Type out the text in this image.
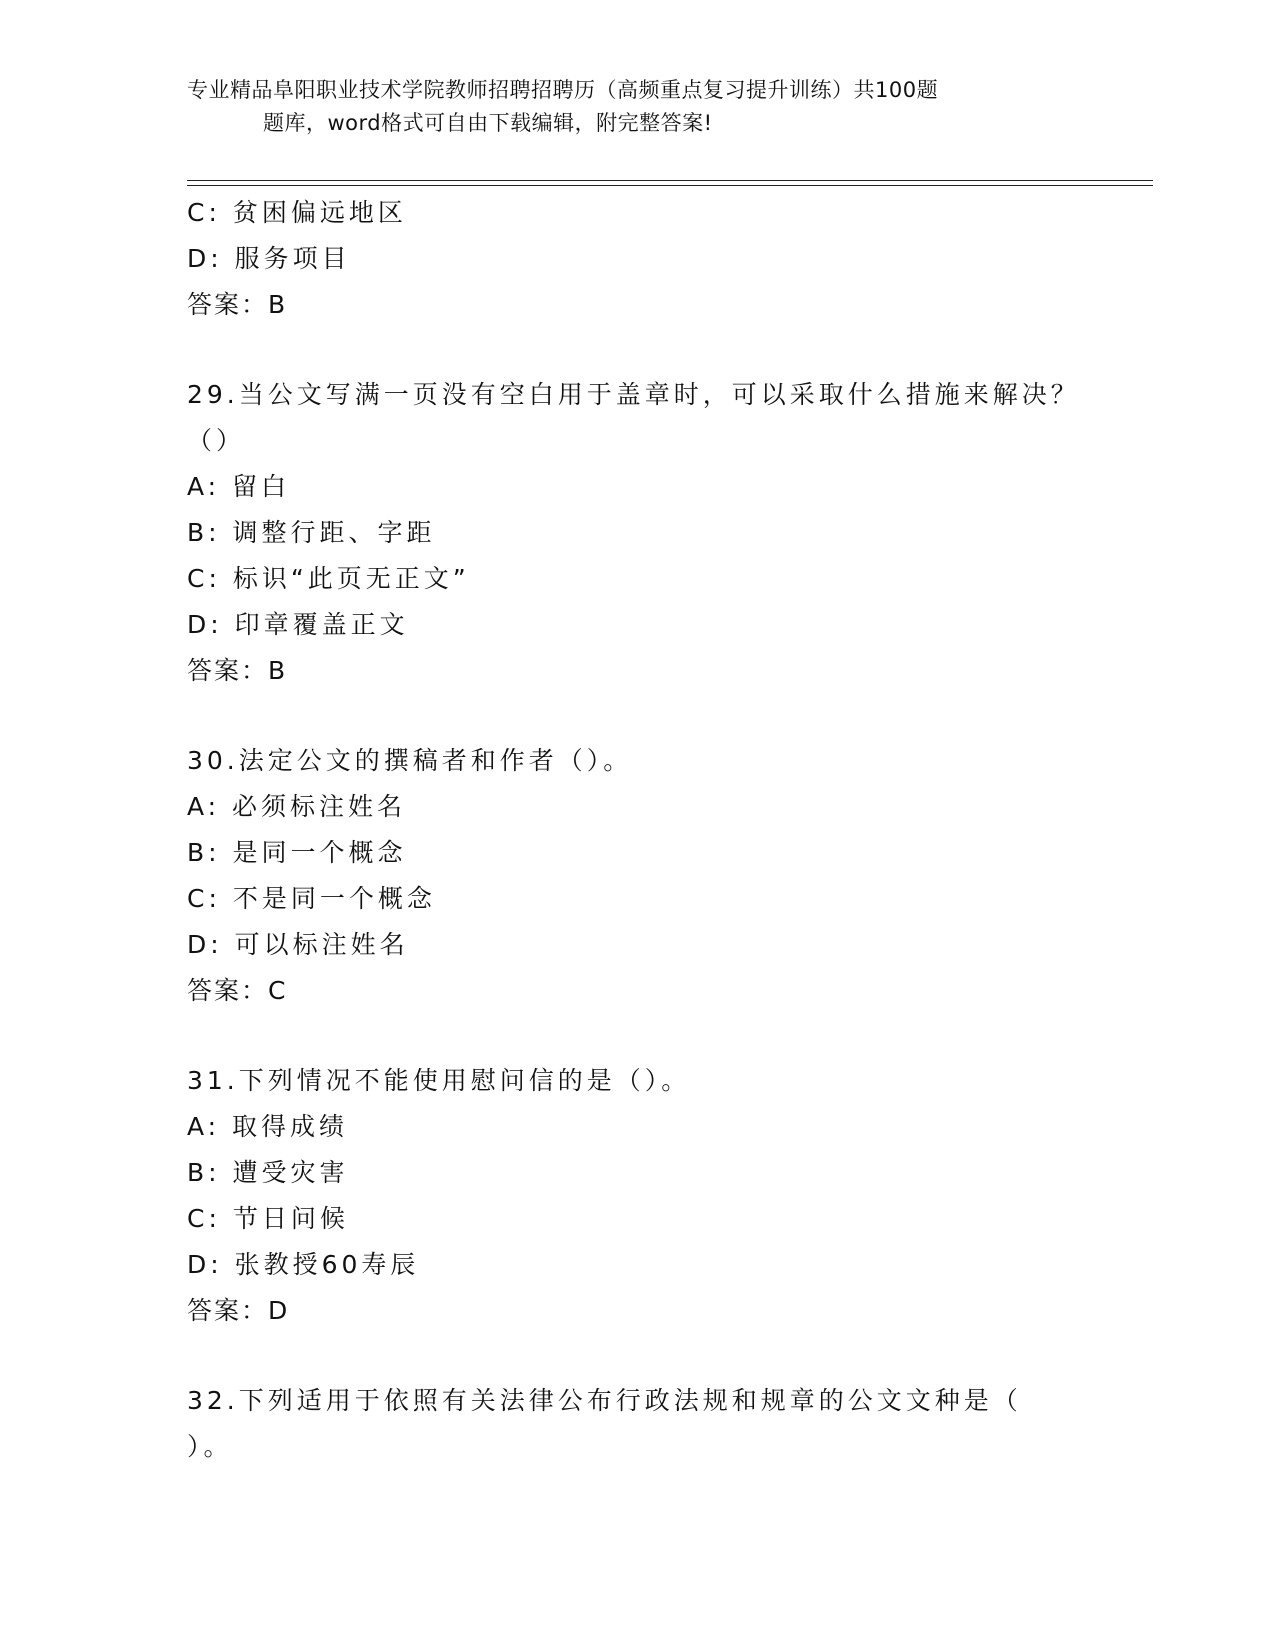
专业精品阜阳职业技术学院教师招聘招聘历（高频重点复习提升训练）共100题
题库，word格式可自由下载编辑，附完整答案!
C: 贫困偏远地区
D: 服务项目
答案：B
29.当公文写满一页没有空白用于盖章时，可以采取什么措施来解决？
（）
A: 留白
B: 调整行距、字距
C: 标识“此页无正文”
D: 印章覆盖正文
答案：B
30.法定公文的撰稿者和作者（）。
A: 必须标注姓名
B: 是同一个概念
C: 不是同一个概念
D: 可以标注姓名
答案：C
31.下列情况不能使用慰问信的是（）。
A: 取得成绩
B: 遭受灾害
C: 节日问候
D: 张教授60寿辰
答案：D
32.下列适用于依照有关法律公布行政法规和规章的公文文种是（
）。
